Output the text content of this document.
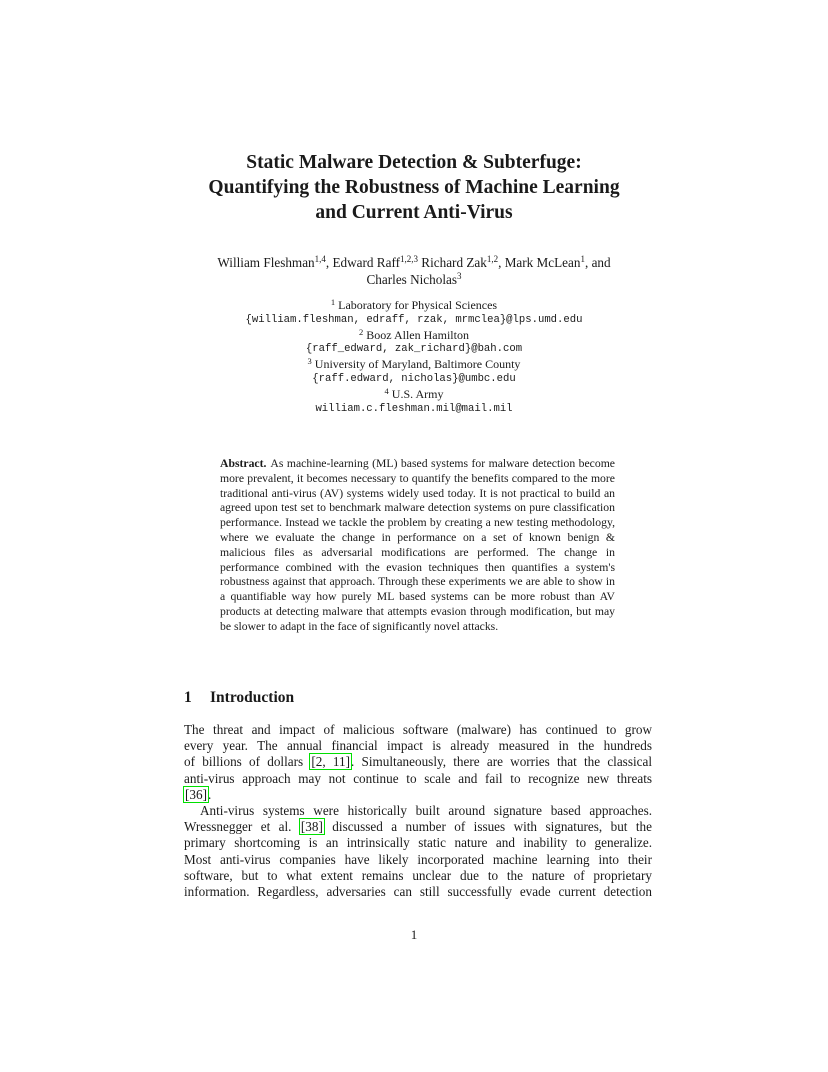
Static Malware Detection & Subterfuge:
Quantifying the Robustness of Machine Learning
and Current Anti-Virus
William Fleshman$^{1,4}$, Edward Raff$^{1,2,3}$ Richard Zak$^{1,2}$, Mark McLean$^1$, and
Charles Nicholas$^3$
$^1$ Laboratory for Physical Sciences
{william.fleshman, edraff, rzak, mrmclea}@lps.umd.edu
$^2$ Booz Allen Hamilton
{raff_edward, zak_richard}@bah.com
$^3$ University of Maryland, Baltimore County
{raff.edward, nicholas}@umbc.edu
$^4$ U.S. Army
william.c.fleshman.mil@mail.mil
Abstract. As machine-learning (ML) based systems for malware detection become more prevalent, it becomes necessary to quantify the benefits compared to the more traditional anti-virus (AV) systems widely used today. It is not practical to build an agreed upon test set to benchmark malware detection systems on pure classification performance. Instead we tackle the problem by creating a new testing methodology, where we evaluate the change in performance on a set of known benign & malicious files as adversarial modifications are performed. The change in performance combined with the evasion techniques then quantifies a system's robustness against that approach. Through these experiments we are able to show in a quantifiable way how purely ML based systems can be more robust than AV products at detecting malware that attempts evasion through modification, but may be slower to adapt in the face of significantly novel attacks.
1 Introduction
The threat and impact of malicious software (malware) has continued to grow
every year. The annual financial impact is already measured in the hundreds
of billions of dollars [2, 11]. Simultaneously, there are worries that the classical
anti-virus approach may not continue to scale and fail to recognize new threats
[36].
Anti-virus systems were historically built around signature based approaches.
Wressnegger et al. [38] discussed a number of issues with signatures, but the
primary shortcoming is an intrinsically static nature and inability to generalize.
Most anti-virus companies have likely incorporated machine learning into their
software, but to what extent remains unclear due to the nature of proprietary
information. Regardless, adversaries can still successfully evade current detection
1
